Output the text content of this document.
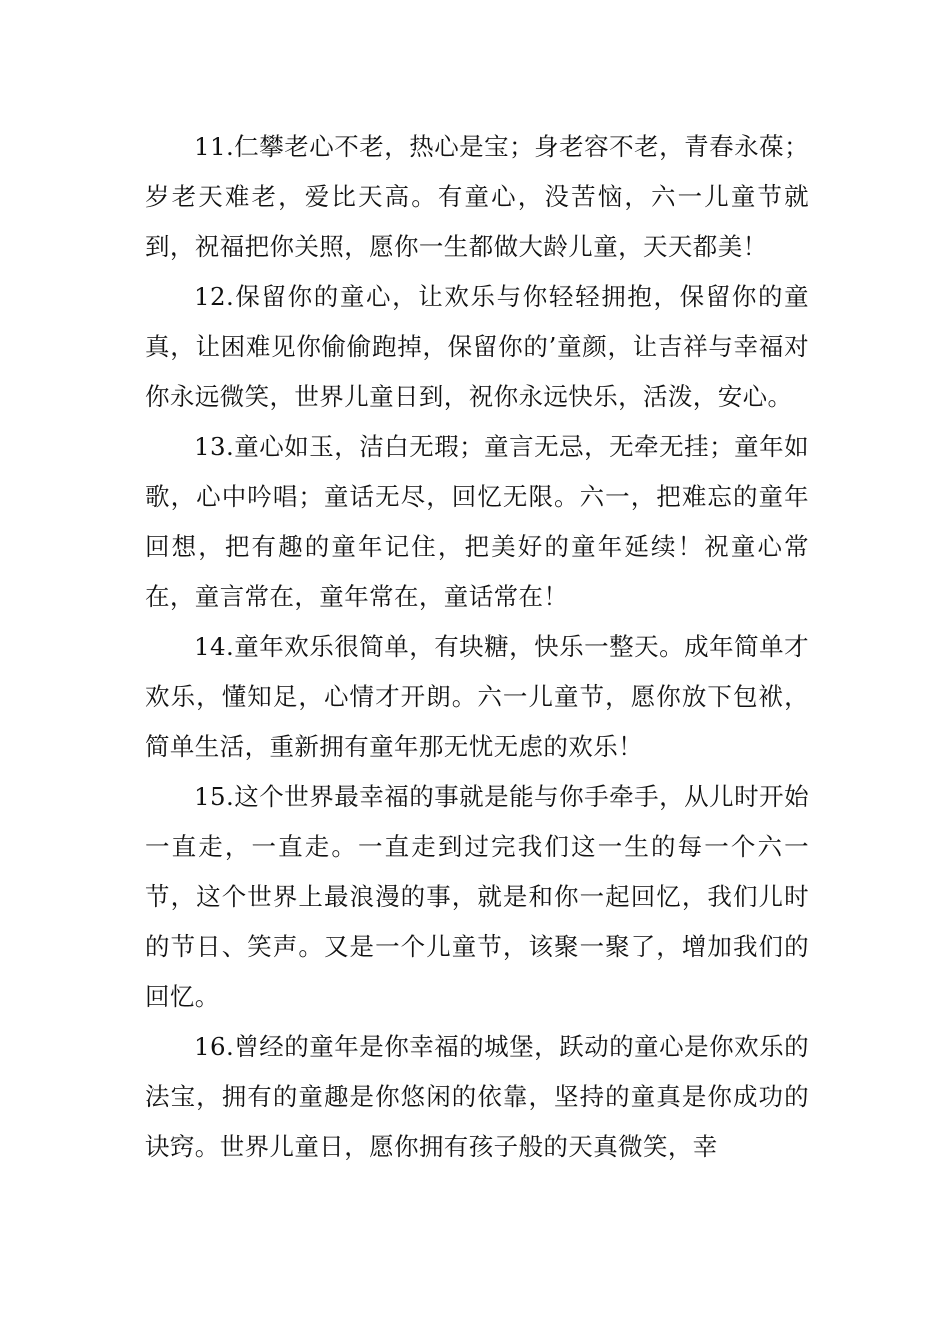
11.仁攀老心不老，热心是宝；身老容不老，青春永葆；岁老天难老，爱比天高。有童心，没苦恼，六一儿童节就到，祝福把你关照，愿你一生都做大龄儿童，天天都美！

12.保留你的童心，让欢乐与你轻轻拥抱，保留你的童真，让困难见你偷偷跑掉，保留你的’童颜，让吉祥与幸福对你永远微笑，世界儿童日到，祝你永远快乐，活泼，安心。

13.童心如玉，洁白无瑕；童言无忌，无牵无挂；童年如歌，心中吟唱；童话无尽，回忆无限。六一，把难忘的童年回想，把有趣的童年记住，把美好的童年延续！祝童心常在，童言常在，童年常在，童话常在！

14.童年欢乐很简单，有块糖，快乐一整天。成年简单才欢乐，懂知足，心情才开朗。六一儿童节，愿你放下包袱，简单生活，重新拥有童年那无忧无虑的欢乐！

15.这个世界最幸福的事就是能与你手牵手，从儿时开始一直走，一直走。一直走到过完我们这一生的每一个六一节，这个世界上最浪漫的事，就是和你一起回忆，我们儿时的节日、笑声。又是一个儿童节，该聚一聚了，增加我们的回忆。

16.曾经的童年是你幸福的城堡，跃动的童心是你欢乐的法宝，拥有的童趣是你悠闲的依靠，坚持的童真是你成功的诀窍。世界儿童日，愿你拥有孩子般的天真微笑，幸
